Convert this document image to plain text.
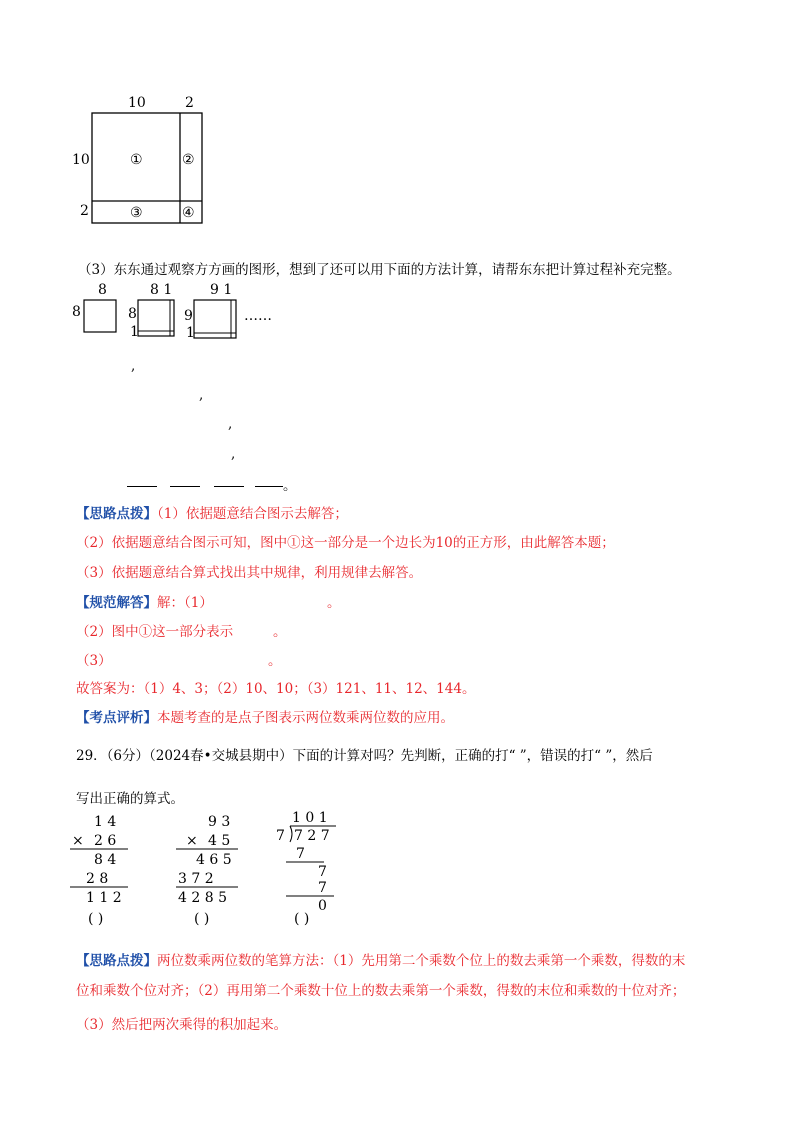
10	2
10
2
①	②
③	④
（3）东东通过观察方方画的图形，想到了还可以用下面的方法计算，请帮东东把计算过程补充完整。
8
8
8 1
8
1
9 1
9
1
……
,
,
,
,
。
【思路点拨】（1）依据题意结合图示去解答；
（2）依据题意结合图示可知，图中①这一部分是一个边长为10的正方形，由此解答本题；
（3）依据题意结合算式找出其中规律，利用规律去解答。
【规范解答】解：（1）	。
（2）图中①这一部分表示	。
（3）	。
故答案为：（1）4、3；（2）10、10；（3）121、11、12、144。
【考点评析】本题考查的是点子图表示两位数乘两位数的应用。
29．（6分）（2024春•交城县期中）下面的计算对吗？先判断，正确的打“ ”，错误的打“ ”，然后
写出正确的算式。
1 4
× 2 6
8 4
2 8
1 1 2
( )
9 3
× 4 5
4 6 5
3 7 2
4 2 8 5
( )
1 0 1
7 7 2 7
7
7
7
0
( )
【思路点拨】两位数乘两位数的笔算方法：（1）先用第二个乘数个位上的数去乘第一个乘数，得数的末
位和乘数个位对齐；（2）再用第二个乘数十位上的数去乘第一个乘数，得数的末位和乘数的十位对齐；
（3）然后把两次乘得的积加起来。
